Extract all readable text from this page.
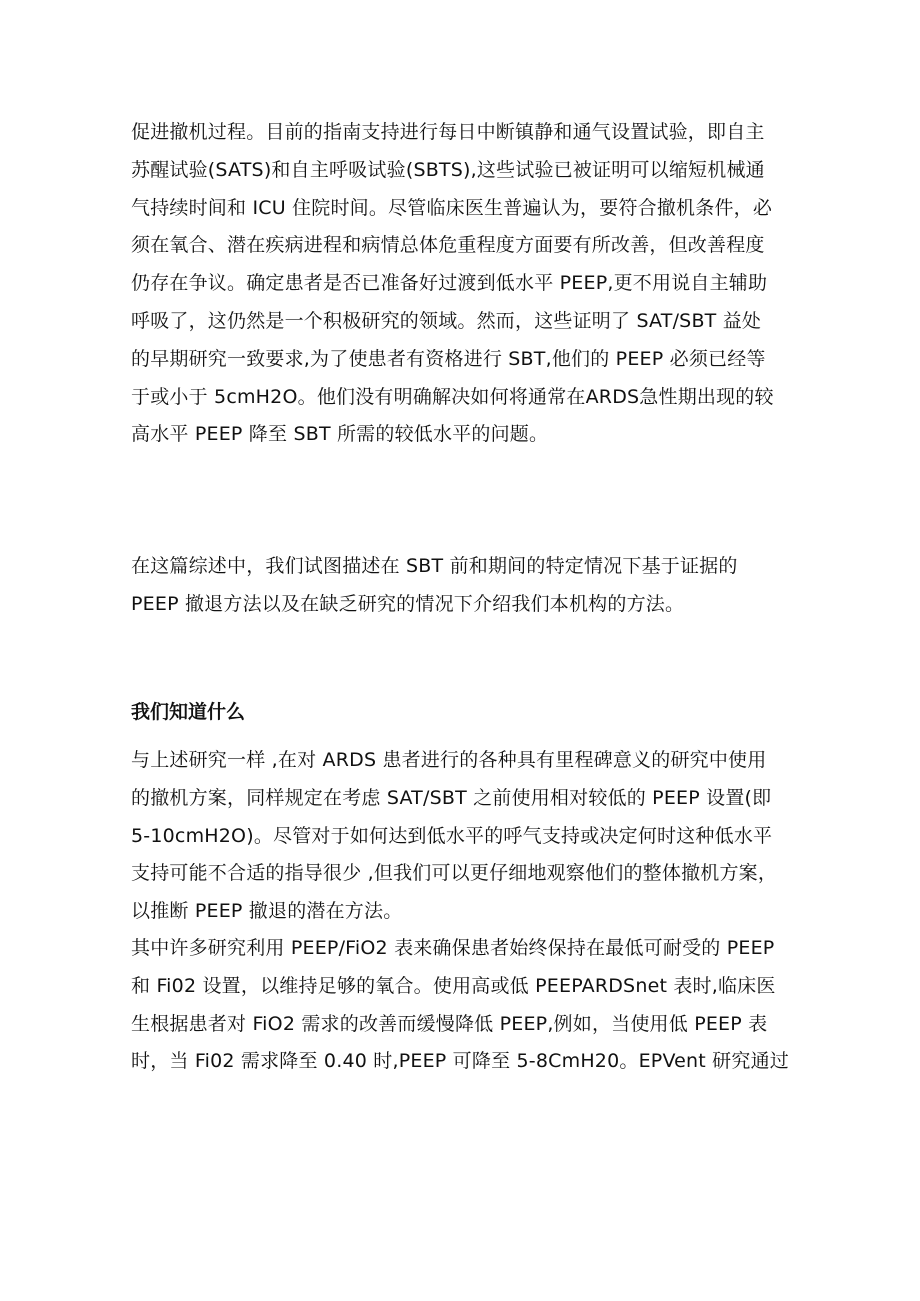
促进撤机过程。目前的指南支持进行每日中断镇静和通气设置试验，即自主
苏醒试验(SATS)和自主呼吸试验(SBTS),这些试验已被证明可以缩短机械通
气持续时间和 ICU 住院时间。尽管临床医生普遍认为，要符合撤机条件，必
须在氧合、潜在疾病进程和病情总体危重程度方面要有所改善，但改善程度
仍存在争议。确定患者是否已准备好过渡到低水平 PEEP,更不用说自主辅助
呼吸了，这仍然是一个积极研究的领域。然而，这些证明了 SAT/SBT 益处
的早期研究一致要求,为了使患者有资格进行 SBT,他们的 PEEP 必须已经等
于或小于 5cmH2O。他们没有明确解决如何将通常在ARDS急性期出现的较
高水平 PEEP 降至 SBT 所需的较低水平的问题。
在这篇综述中，我们试图描述在 SBT 前和期间的特定情况下基于证据的
PEEP 撤退方法以及在缺乏研究的情况下介绍我们本机构的方法。
我们知道什么
与上述研究一样 ,在对 ARDS 患者进行的各种具有里程碑意义的研究中使用
的撤机方案，同样规定在考虑 SAT/SBT 之前使用相对较低的 PEEP 设置(即
5-10cmH2O)。尽管对于如何达到低水平的呼气支持或决定何时这种低水平
支持可能不合适的指导很少 ,但我们可以更仔细地观察他们的整体撤机方案，
以推断 PEEP 撤退的潜在方法。
其中许多研究利用 PEEP/FiO2 表来确保患者始终保持在最低可耐受的 PEEP
和 Fi02 设置，以维持足够的氧合。使用高或低 PEEPARDSnet 表时,临床医
生根据患者对 FiO2 需求的改善而缓慢降低 PEEP,例如，当使用低 PEEP 表
时，当 Fi02 需求降至 0.40 时,PEEP 可降至 5-8CmH20。EPVent 研究通过
